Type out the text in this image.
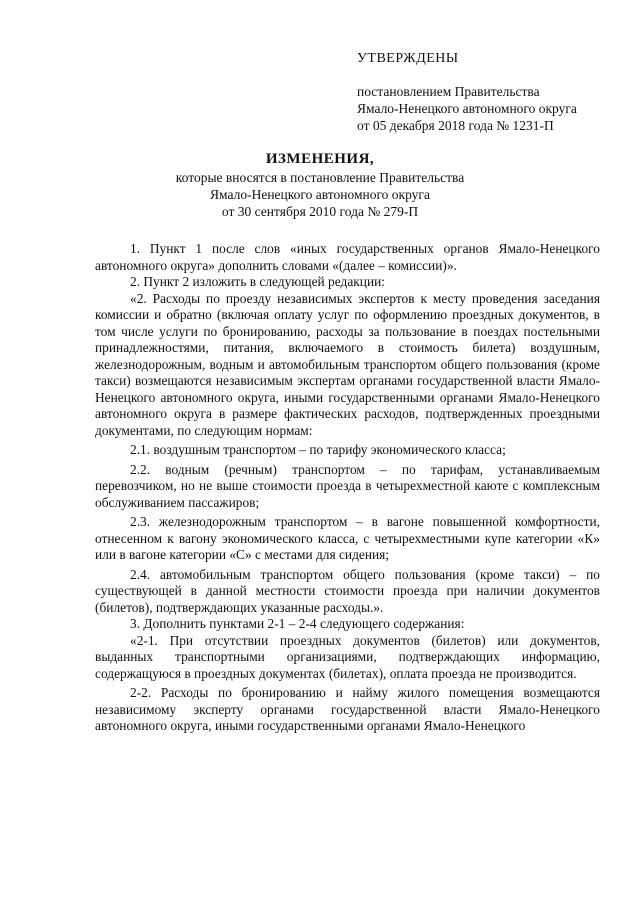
УТВЕРЖДЕНЫ
постановлением Правительства
Ямало-Ненецкого автономного округа
от 05 декабря 2018 года № 1231-П
ИЗМЕНЕНИЯ,
которые вносятся в постановление Правительства
Ямало-Ненецкого автономного округа
от 30 сентября 2010 года № 279-П

1. Пункт 1 после слов «иных государственных органов Ямало-Ненецкого автономного округа» дополнить словами «(далее – комиссии)».

2. Пункт 2 изложить в следующей редакции:

«2. Расходы по проезду независимых экспертов к месту проведения заседания комиссии и обратно (включая оплату услуг по оформлению проездных документов, в том числе услуги по бронированию, расходы за пользование в поездах постельными принадлежностями, питания, включаемого в стоимость билета) воздушным, железнодорожным, водным и автомобильным транспортом общего пользования (кроме такси) возмещаются независимым экспертам органами государственной власти Ямало-Ненецкого автономного округа, иными государственными органами Ямало-Ненецкого автономного округа в размере фактических расходов, подтвержденных проездными документами, по следующим нормам:

2.1. воздушным транспортом – по тарифу экономического класса;

2.2. водным (речным) транспортом – по тарифам, устанавливаемым перевозчиком, но не выше стоимости проезда в четырехместной каюте с комплексным обслуживанием пассажиров;

2.3. железнодорожным транспортом – в вагоне повышенной комфортности, отнесенном к вагону экономического класса, с четырехместными купе категории «К» или в вагоне категории «С» с местами для сидения;

2.4. автомобильным транспортом общего пользования (кроме такси) – по существующей в данной местности стоимости проезда при наличии документов (билетов), подтверждающих указанные расходы.».

3. Дополнить пунктами 2-1 – 2-4 следующего содержания:

«2-1. При отсутствии проездных документов (билетов) или документов, выданных транспортными организациями, подтверждающих информацию, содержащуюся в проездных документах (билетах), оплата проезда не производится.

2-2. Расходы по бронированию и найму жилого помещения возмещаются независимому эксперту органами государственной власти Ямало-Ненецкого автономного округа, иными государственными органами Ямало-Ненецкого
